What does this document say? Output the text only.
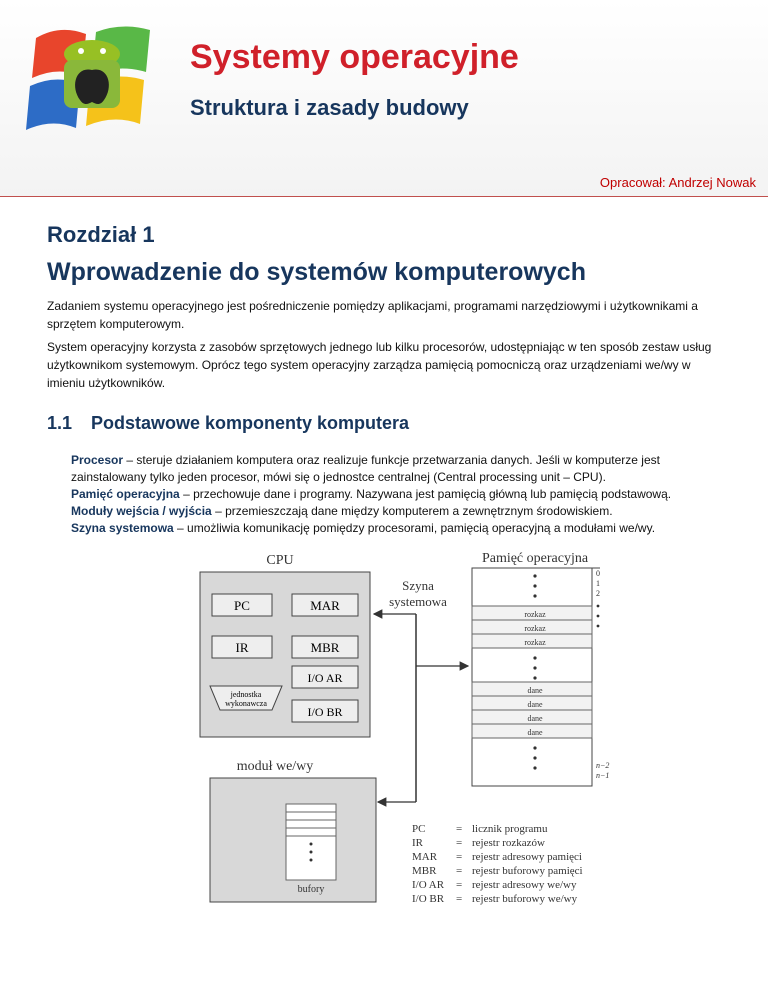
Systemy operacyjne
Struktura i zasady budowy
Opracował: Andrzej Nowak
Rozdział 1
Wprowadzenie do systemów komputerowych
Zadaniem systemu operacyjnego jest pośredniczenie pomiędzy aplikacjami, programami narzędziowymi i użytkownikami a sprzętem komputerowym.
System operacyjny korzysta z zasobów sprzętowych jednego lub kilku procesorów, udostępniając w ten sposób zestaw usług użytkownikom systemowym. Oprócz tego system operacyjny zarządza pamięcią pomocniczą oraz urządzeniami we/wy w imieniu użytkowników.
1.1 Podstawowe komponenty komputera
Procesor – steruje działaniem komputera oraz realizuje funkcje przetwarzania danych. Jeśli w komputerze jest zainstalowany tylko jeden procesor, mówi się o jednostce centralnej (Central processing unit – CPU).
Pamięć operacyjna – przechowuje dane i programy. Nazywana jest pamięcią główną lub pamięcią podstawową.
Moduły wejścia / wyjścia – przemieszczają dane między komputerem a zewnętrznym środowiskiem.
Szyna systemowa – umożliwia komunikację pomiędzy procesorami, pamięcią operacyjną a modułami we/wy.
CPU
PC	MAR
IR	MBR
I/O AR
I/O BR
jednostka
wykonawcza
Szyna
systemowa
Pamięć operacyjna
rozkaz
rozkaz
rozkaz
dane
dane
dane
dane
0
1
2
n−2
n−1
moduł we/wy
bufory
PC	= licznik programu
IR	= rejestr rozkazów
MAR = rejestr adresowy pamięci
MBR = rejestr buforowy pamięci
I/O AR = rejestr adresowy we/wy
I/O BR = rejestr buforowy we/wy
